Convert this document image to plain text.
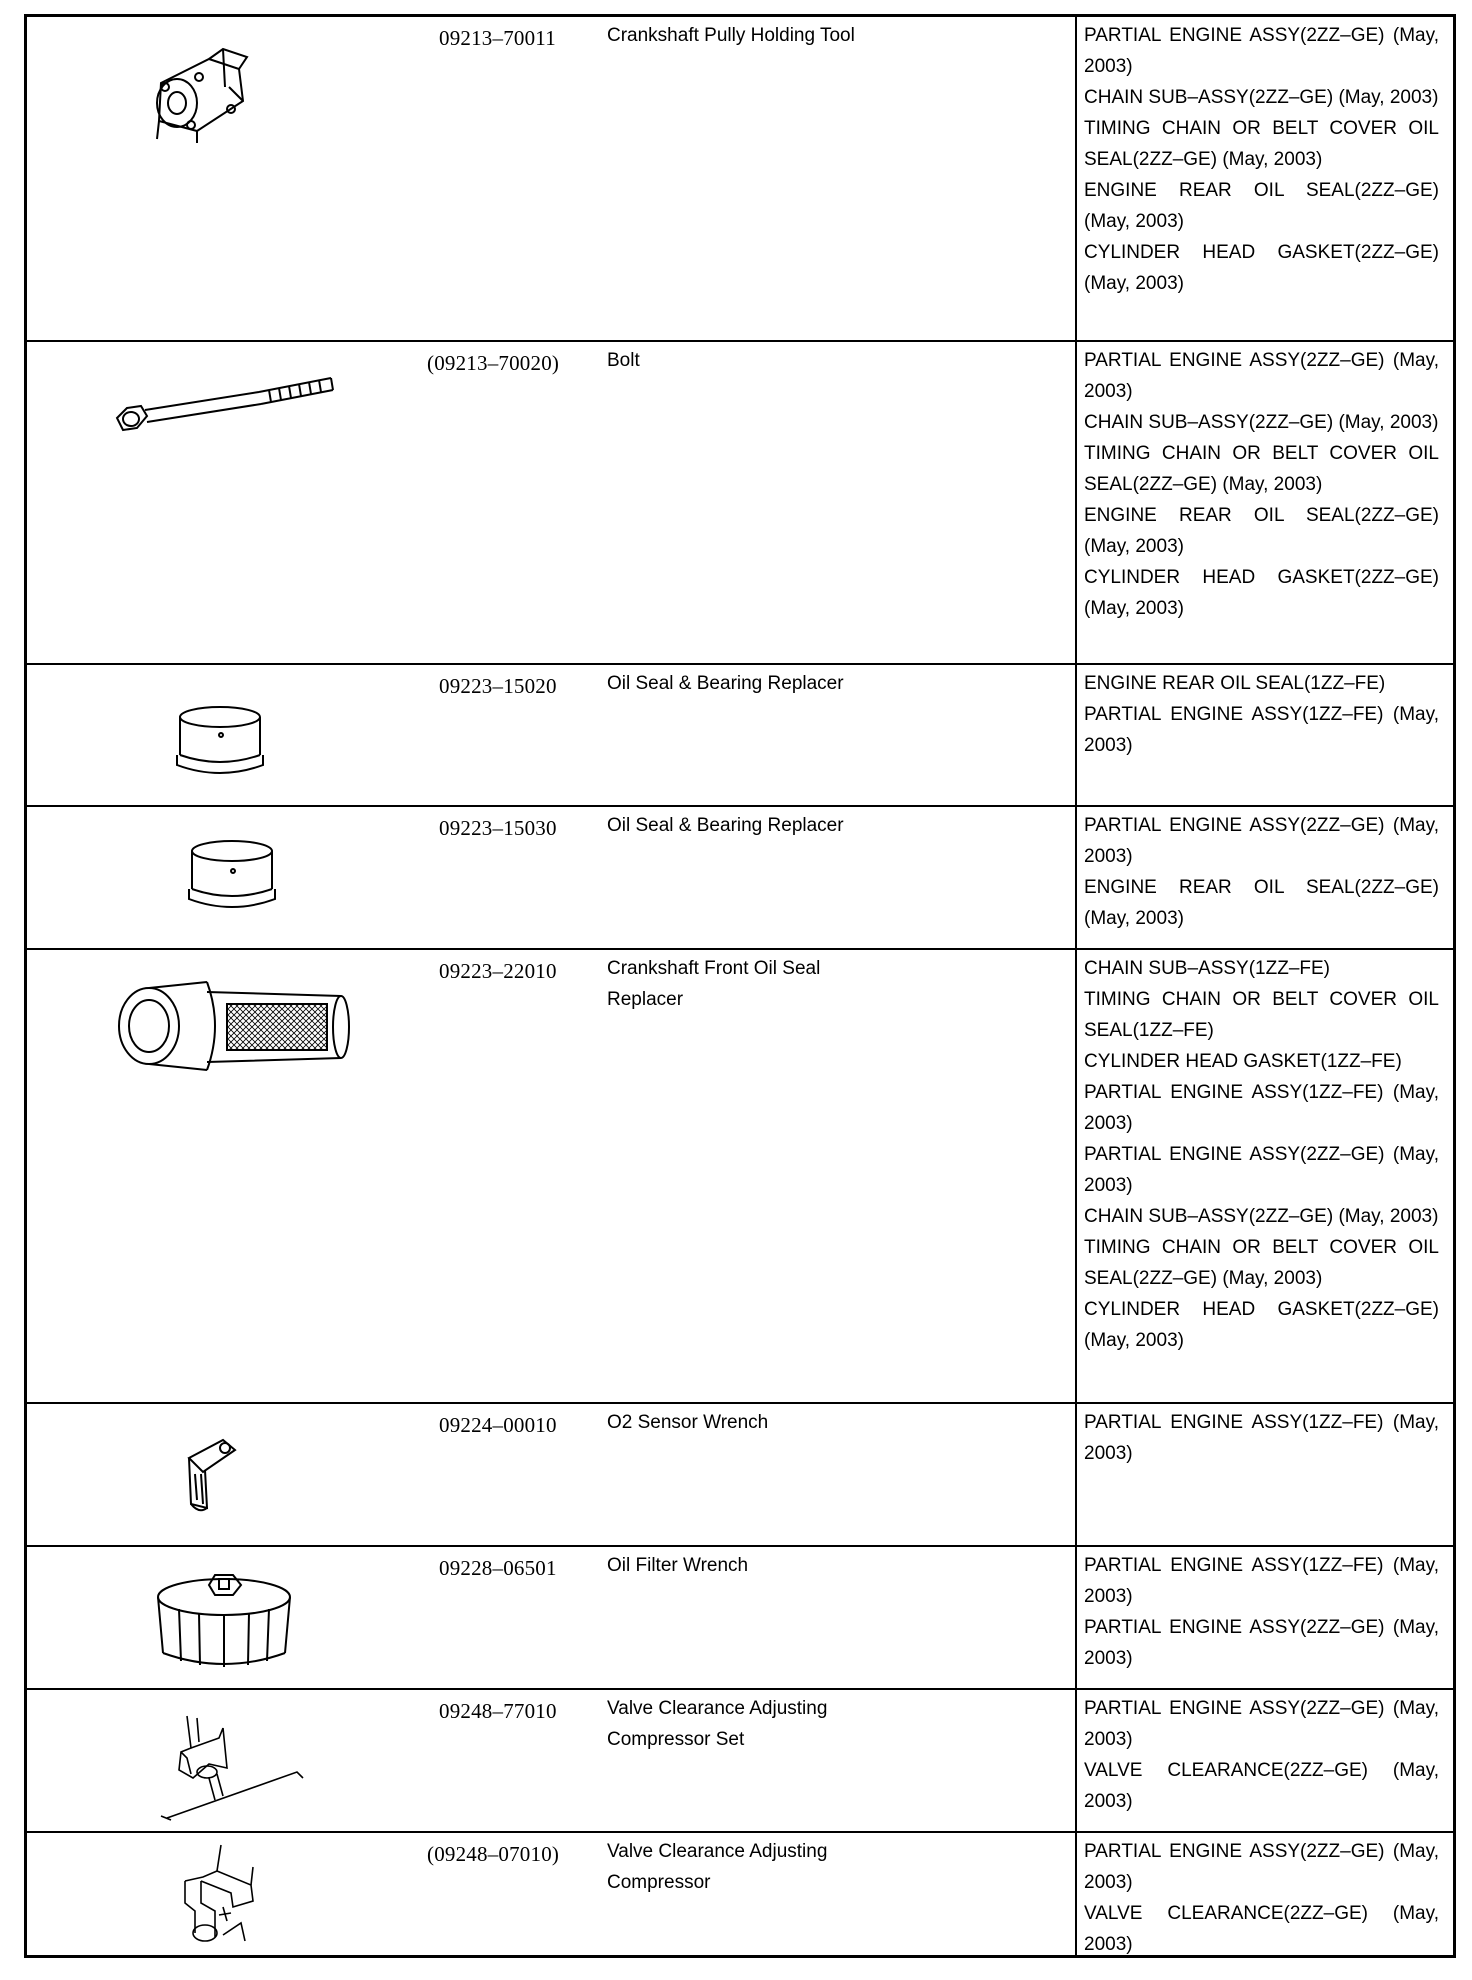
09213–70011	Crankshaft Pully Holding Tool	PARTIAL ENGINE ASSY(2ZZ–GE) (May, 2003)
CHAIN SUB–ASSY(2ZZ–GE) (May, 2003)
TIMING CHAIN OR BELT COVER OIL SEAL(2ZZ–GE) (May, 2003)
ENGINE REAR OIL SEAL(2ZZ–GE) (May, 2003)
CYLINDER HEAD GASKET(2ZZ–GE) (May, 2003)
(09213–70020)	Bolt	PARTIAL ENGINE ASSY(2ZZ–GE) (May, 2003)
CHAIN SUB–ASSY(2ZZ–GE) (May, 2003)
TIMING CHAIN OR BELT COVER OIL SEAL(2ZZ–GE) (May, 2003)
ENGINE REAR OIL SEAL(2ZZ–GE) (May, 2003)
CYLINDER HEAD GASKET(2ZZ–GE) (May, 2003)
09223–15020	Oil Seal & Bearing Replacer	ENGINE REAR OIL SEAL(1ZZ–FE)
PARTIAL ENGINE ASSY(1ZZ–FE) (May, 2003)
09223–15030	Oil Seal & Bearing Replacer	PARTIAL ENGINE ASSY(2ZZ–GE) (May, 2003)
ENGINE REAR OIL SEAL(2ZZ–GE) (May, 2003)
09223–22010	Crankshaft Front Oil Seal
Replacer
CHAIN SUB–ASSY(1ZZ–FE)
TIMING CHAIN OR BELT COVER OIL SEAL(1ZZ–FE)
CYLINDER HEAD GASKET(1ZZ–FE)
PARTIAL ENGINE ASSY(1ZZ–FE) (May, 2003)
PARTIAL ENGINE ASSY(2ZZ–GE) (May, 2003)
CHAIN SUB–ASSY(2ZZ–GE) (May, 2003)
TIMING CHAIN OR BELT COVER OIL SEAL(2ZZ–GE) (May, 2003)
CYLINDER HEAD GASKET(2ZZ–GE) (May, 2003)
09224–00010	O2 Sensor Wrench	PARTIAL ENGINE ASSY(1ZZ–FE) (May, 2003)
09228–06501	Oil Filter Wrench	PARTIAL ENGINE ASSY(1ZZ–FE) (May, 2003)
PARTIAL ENGINE ASSY(2ZZ–GE) (May, 2003)
09248–77010	Valve Clearance Adjusting
Compressor Set
PARTIAL ENGINE ASSY(2ZZ–GE) (May, 2003)
VALVE CLEARANCE(2ZZ–GE) (May, 2003)
(09248–07010)	Valve Clearance Adjusting
Compressor
PARTIAL ENGINE ASSY(2ZZ–GE) (May, 2003)
VALVE CLEARANCE(2ZZ–GE) (May, 2003)
